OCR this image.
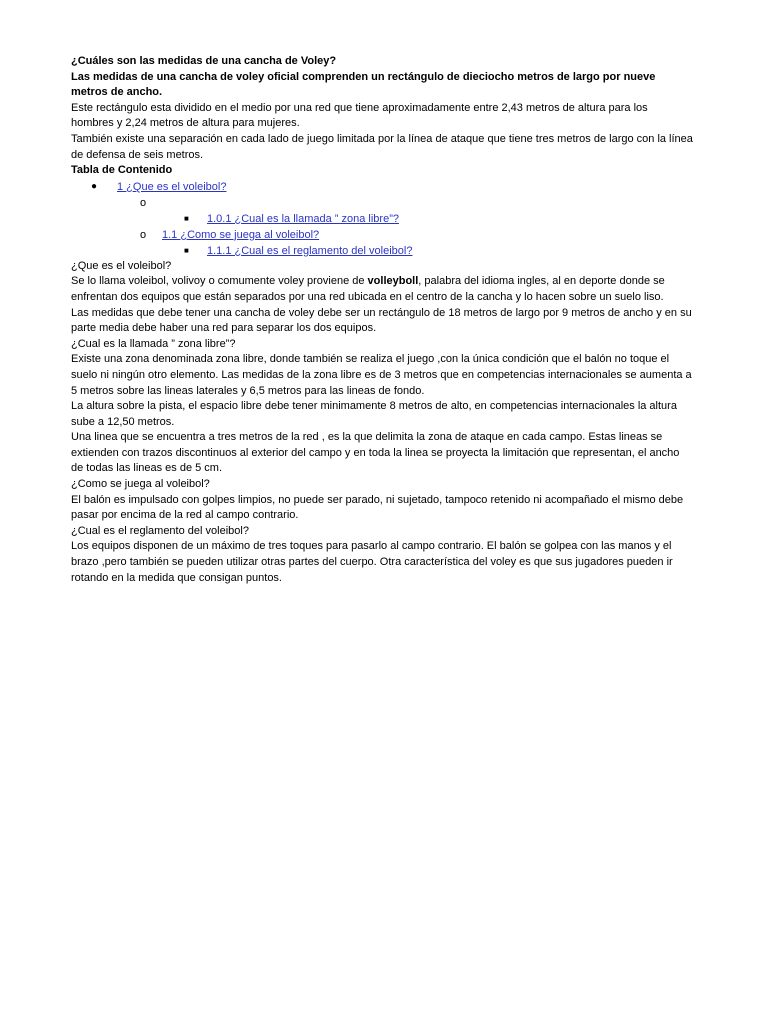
¿Cuáles son las medidas de una cancha de Voley?

Las medidas de una cancha de voley oficial comprenden un rectángulo de dieciocho metros de largo por nueve metros de ancho.

Este rectángulo esta dividido en el medio por una red que tiene aproximadamente entre 2,43 metros de altura para los hombres y 2,24 metros de altura para mujeres.

También existe una separación en cada lado de juego limitada por la línea de ataque que tiene tres metros de largo con la línea de defensa de seis metros.

Tabla de Contenido

● 1 ¿Que es el voleibol?
o
■ 1.0.1 ¿Cual es la llamada ” zona libre”?
o 1.1 ¿Como se juega al voleibol?
■ 1.1.1 ¿Cual es el reglamento del voleibol?

¿Que es el voleibol?

Se lo llama voleibol, volivoy o comumente voley proviene de volleyboll, palabra del idioma ingles, al en deporte donde se enfrentan dos equipos que están separados por una red ubicada en el centro de la cancha y lo hacen sobre un suelo liso.

Las medidas que debe tener una cancha de voley debe ser un rectángulo de 18 metros de largo por 9 metros de ancho y en su parte media debe haber una red para separar los dos equipos.

¿Cual es la llamada ” zona libre”?

Existe una zona denominada zona libre, donde también se realiza el juego ,con la única condición que el balón no toque el suelo ni ningún otro elemento. Las medidas de la zona libre es de 3 metros que en competencias internacionales se aumenta a 5 metros sobre las lineas laterales y 6,5 metros para las lineas de fondo.

La altura sobre la pista, el espacio libre debe tener minimamente 8 metros de alto, en competencias internacionales la altura sube a 12,50 metros.

Una linea que se encuentra a tres metros de la red , es la que delimita la zona de ataque en cada campo. Estas lineas se extienden con trazos discontinuos al exterior del campo y en toda la linea se proyecta la limitación que representan, el ancho de todas las lineas es de 5 cm.

¿Como se juega al voleibol?

El balón es impulsado con golpes limpios, no puede ser parado, ni sujetado, tampoco retenido ni acompañado el mismo debe pasar por encima de la red al campo contrario.

¿Cual es el reglamento del voleibol?

Los equipos disponen de un máximo de tres toques para pasarlo al campo contrario. El balón se golpea con las manos y el brazo ,pero también se pueden utilizar otras partes del cuerpo. Otra característica del voley es que sus jugadores pueden ir rotando en la medida que consigan puntos.
